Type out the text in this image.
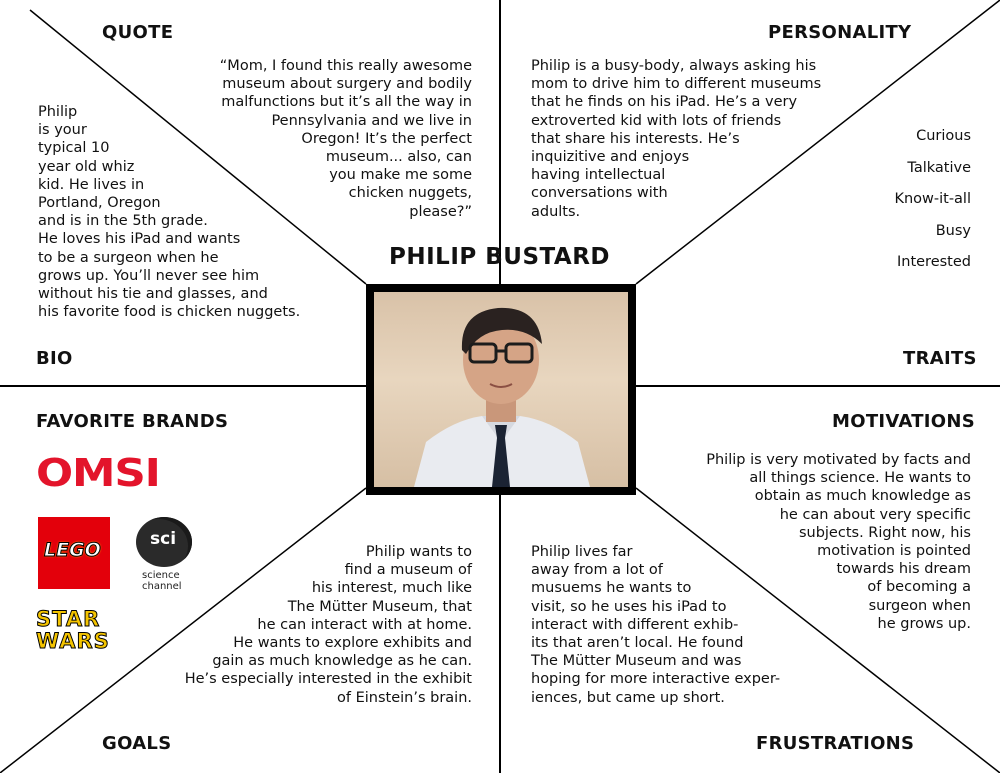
QUOTE	PERSONALITY
BIO	TRAITS
FAVORITE BRANDS	MOTIVATIONS
GOALS	FRUSTRATIONS
“Mom, I found this really awesome
museum about surgery and bodily
malfunctions but it’s all the way in
Pennsylvania and we live in
Oregon! It’s the perfect
museum... also, can
you make me some
chicken nuggets,
please?”
Philip is a busy-body, always asking his
mom to drive him to different museums
that he finds on his iPad. He’s a very
extroverted kid with lots of friends
that share his interests. He’s
inquizitive and enjoys
having intellectual
conversations with
adults.
Philip
is your
typical 10
year old whiz
kid. He lives in
Portland, Oregon
and is in the 5th grade.
He loves his iPad and wants
to be a surgeon when he
grows up. You’ll never see him
without his tie and glasses, and
his favorite food is chicken nuggets.
Philip is very motivated by facts and
all things science. He wants to
obtain as much knowledge as
he can about very specific
subjects. Right now, his
motivation is pointed
towards his dream
of becoming a
surgeon when
he grows up.
Philip wants to
find a museum of
his interest, much like
The Mütter Museum, that
he can interact with at home.
He wants to explore exhibits and
gain as much knowledge as he can.
He’s especially interested in the exhibit
of Einstein’s brain.
Philip lives far
away from a lot of
musuems he wants to
visit, so he uses his iPad to
interact with different exhib-
its that aren’t local. He found
The Mütter Museum and was
hoping for more interactive exper-
iences, but came up short.
Curious
Talkative
Know-it-all
Busy
Interested
PHILIP BUSTARD
OMSI
LEGO	sci
science
channel
STAR
WARS
